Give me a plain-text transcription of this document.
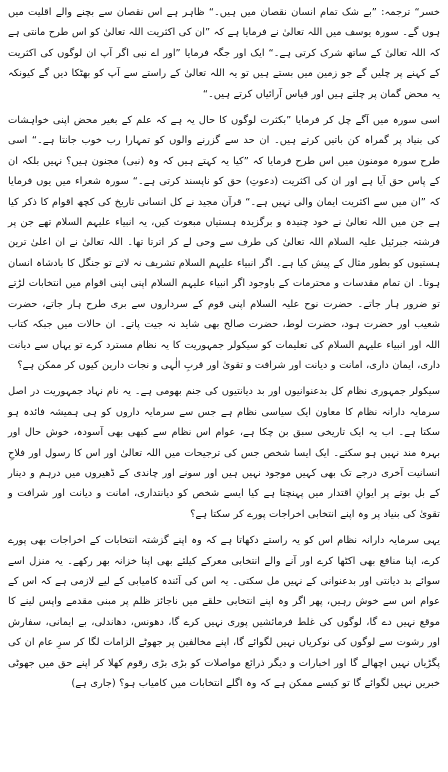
خسر“ ترجمہ: ”بے شک تمام انسان نقصان میں ہیں۔“ ظاہر ہے اس نقصان سے بچنے والے اقلیت میں ہوں گے۔ سورہ یوسف میں اللہ تعالیٰ نے فرمایا ہے کہ ”ان کی اکثریت اللہ تعالیٰ کو اس طرح مانتی ہے کہ اللہ تعالیٰ کے ساتھ شرک کرتی ہے۔“ ایک اور جگہ فرمایا ”اور اے نبی اگر آپ ان لوگوں کی اکثریت کے کہنے پر چلیں گے جو زمین میں بستے ہیں تو یہ اللہ تعالیٰ کے راستے سے آپ کو بھٹکا دیں گے کیونکہ یہ محض گمان پر چلتے ہیں اور قیاس آرائیاں کرتے ہیں۔“

اسی سورہ میں آگے چل کر فرمایا ”بکثرت لوگوں کا حال یہ ہے کہ علم کے بغیر محض اپنی خواہشات کی بنیاد پر گمراہ کن باتیں کرتے ہیں۔ ان حد سے گزرنے والوں کو تمہارا رب خوب جانتا ہے۔“ اسی طرح سورہ مومنون میں اس طرح فرمایا کہ ”کیا یہ کہتے ہیں کہ وہ (نبی) مجنون ہیں؟ نہیں بلکہ ان کے پاس حق آیا ہے اور ان کی اکثریت (دعوتِ) حق کو ناپسند کرتی ہے۔“ سورہ شعراء میں یوں فرمایا کہ ”ان میں سے اکثریت ایمان والی نہیں ہے۔“ قرآن مجید نے کل انسانی تاریخ کی کچھ اقوام کا ذکر کیا ہے جن میں اللہ تعالیٰ نے خود چنیدہ و برگزیدہ ہستیاں مبعوث کیں، یہ انبیاء علیہم السلام تھے جن پر فرشتہ جبرئیل علیہ السلام اللہ تعالیٰ کی طرف سے وحی لے کر اترتا تھا۔ اللہ تعالیٰ نے ان اعلیٰ ترین ہستیوں کو بطور مثال کے پیش کیا ہے۔ اگر انبیاء علیہم السلام تشریف نہ لاتے تو جنگل کا بادشاہ انسان ہوتا۔ ان تمام مقدسات و محترمات کے باوجود اگر انبیاء علیہم السلام اپنی اپنی اقوام میں انتخابات لڑتے تو ضرور ہار جاتے۔ حضرت نوح علیہ السلام اپنی قوم کے سرداروں سے بری طرح ہار جاتے، حضرت شعیب اور حضرت ہود، حضرت لوط، حضرت صالح بھی شاید نہ جیت پاتے۔ ان حالات میں جبکہ کتاب اللہ اور انبیاء علیہم السلام کی تعلیمات کو سیکولر جمہوریت کا یہ نظام مسترد کرے تو یہاں سے دیانت داری، ایمان داری، امانت و دیانت اور شرافت و تقویٰ اور قربِ الٰہی و نجات دارین کیوں کر ممکن ہے؟

سیکولر جمہوری نظام کل بدعنوانیوں اور بد دیانتیوں کی جنم بھومی ہے۔ یہ نام نہاد جمہوریت در اصل سرمایہ دارانہ نظام کا معاون ایک سیاسی نظام ہے جس سے سرمایہ داروں کو ہی ہمیشہ فائدہ ہو سکتا ہے۔ اب یہ ایک تاریخی سبق بن چکا ہے، عوام اس نظام سے کبھی بھی آسودہ، خوش حال اور بہرہ مند نہیں ہو سکتے۔ ایک ایسا شخص جس کی ترجیحات میں اللہ تعالیٰ اور اس کا رسول اور فلاحِ انسانیت آخری درجے تک بھی کہیں موجود نہیں ہیں اور سونے اور چاندی کے ڈھیروں میں درہم و دینار کے بل بوتے پر ایوانِ اقتدار میں پہنچتا ہے کیا ایسے شخص کو دیانتداری، امانت و دیانت اور شرافت و تقویٰ کی بنیاد پر وہ اپنے انتخابی اخراجات پورے کر سکتا ہے؟

یہی سرمایہ دارانہ نظام اس کو یہ راستے دکھاتا ہے کہ وہ اپنے گزشتہ انتخابات کے اخراجات بھی پورے کرے، اپنا منافع بھی اکٹھا کرے اور آنے والے انتخابی معرکے کیلئے بھی اپنا خزانہ بھر رکھے۔ یہ منزل اسے سوائے بد دیانتی اور بدعنوانی کے نہیں مل سکتی۔ یہ اس کی آئندہ کامیابی کے لیے لازمی ہے کہ اس کے عوام اس سے خوش رہیں، پھر اگر وہ اپنے انتخابی حلقے میں ناجائز ظلم پر مبنی مقدمے واپس لینے کا موقع نہیں دے گا، لوگوں کی غلط فرمائشیں پوری نہیں کرے گا، دھونس، دھاندلی، بے ایمانی، سفارش اور رشوت سے لوگوں کی نوکریاں نہیں لگوائے گا، اپنے مخالفین پر جھوٹے الزامات لگا کر سرِ عام ان کی پگڑیاں نہیں اچھالے گا اور اخبارات و دیگر ذرائع مواصلات کو بڑی بڑی رقوم کھلا کر اپنے حق میں جھوٹی خبریں نہیں لگوائے گا تو کیسے ممکن ہے کہ وہ اگلے انتخابات میں کامیاب ہو؟ (جاری ہے)
